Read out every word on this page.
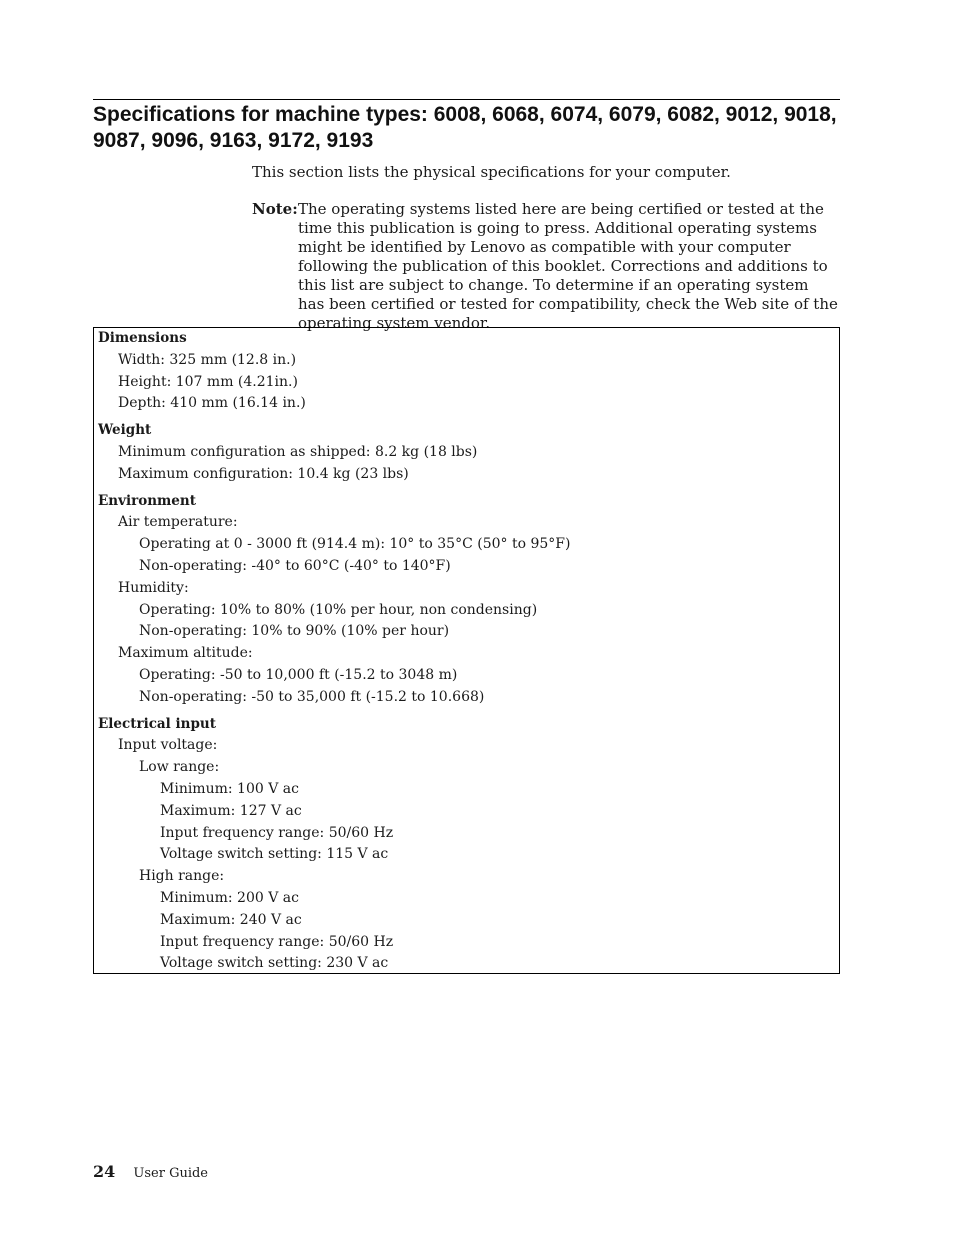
Specifications for machine types: 6008, 6068, 6074, 6079, 6082, 9012, 9018, 9087, 9096, 9163, 9172, 9193

This section lists the physical specifications for your computer.

Note: The operating systems listed here are being certified or tested at the time this publication is going to press. Additional operating systems might be identified by Lenovo as compatible with your computer following the publication of this booklet. Corrections and additions to this list are subject to change. To determine if an operating system has been certified or tested for compatibility, check the Web site of the operating system vendor.
Dimensions
Width: 325 mm (12.8 in.)
Height: 107 mm (4.21in.)
Depth: 410 mm (16.14 in.)
Weight
Minimum configuration as shipped: 8.2 kg (18 lbs)
Maximum configuration: 10.4 kg (23 lbs)
Environment
Air temperature:
Operating at 0 - 3000 ft (914.4 m): 10° to 35°C (50° to 95°F)
Non-operating: -40° to 60°C (-40° to 140°F)
Humidity:
Operating: 10% to 80% (10% per hour, non condensing)
Non-operating: 10% to 90% (10% per hour)
Maximum altitude:
Operating: -50 to 10,000 ft (-15.2 to 3048 m)
Non-operating: -50 to 35,000 ft (-15.2 to 10.668)
Electrical input
Input voltage:
Low range:
Minimum: 100 V ac
Maximum: 127 V ac
Input frequency range: 50/60 Hz
Voltage switch setting: 115 V ac
High range:
Minimum: 200 V ac
Maximum: 240 V ac
Input frequency range: 50/60 Hz
Voltage switch setting: 230 V ac
24 User Guide
